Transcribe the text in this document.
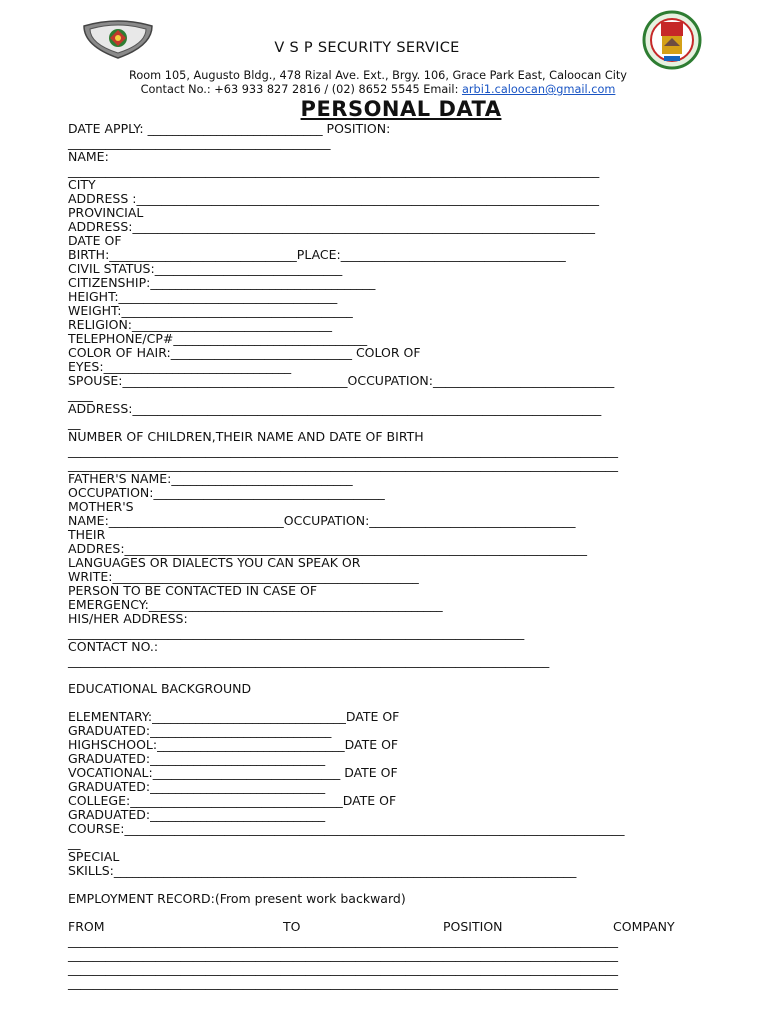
V S P SECURITY SERVICE
Room 105, Augusto Bldg., 478 Rizal Ave. Ext., Brgy. 106, Grace Park East, Caloocan City
Contact No.: +63 933 827 2816 / (02) 8652 5545 Email: arbi1.caloocan@gmail.com
PERSONAL DATA
DATE APPLY: ____________________________ POSITION:
__________________________________________
NAME:
_____________________________________________________________________________________
CITY
ADDRESS :__________________________________________________________________________
PROVINCIAL
ADDRESS:__________________________________________________________________________
DATE OF
BIRTH:______________________________PLACE:____________________________________
CIVIL STATUS:______________________________
CITIZENSHIP:____________________________________
HEIGHT:___________________________________
WEIGHT:_____________________________________
RELIGION:________________________________
TELEPHONE/CP#_______________________________
COLOR OF HAIR:_____________________________ COLOR OF
EYES:______________________________
SPOUSE:____________________________________OCCUPATION:_____________________________
____
ADDRESS:___________________________________________________________________________
__
NUMBER OF CHILDREN,THEIR NAME AND DATE OF BIRTH
________________________________________________________________________________________
________________________________________________________________________________________
FATHER'S NAME:_____________________________
OCCUPATION:_____________________________________
MOTHER'S
NAME:____________________________OCCUPATION:_________________________________
THEIR
ADDRES:__________________________________________________________________________
LANGUAGES OR DIALECTS YOU CAN SPEAK OR
WRITE:_________________________________________________
PERSON TO BE CONTACTED IN CASE OF
EMERGENCY:_______________________________________________
HIS/HER ADDRESS:
_________________________________________________________________________
CONTACT NO.:
_____________________________________________________________________________
EDUCATIONAL BACKGROUND
ELEMENTARY:_______________________________DATE OF
GRADUATED:_____________________________
HIGHSCHOOL:______________________________DATE OF
GRADUATED:____________________________
VOCATIONAL:______________________________ DATE OF
GRADUATED:____________________________
COLLEGE:__________________________________DATE OF
GRADUATED:____________________________
COURSE:________________________________________________________________________________
__
SPECIAL
SKILLS:__________________________________________________________________________
EMPLOYMENT RECORD:(From present work backward)
FROM	TO	POSITION	COMPANY
________________________________________________________________________________________
________________________________________________________________________________________
________________________________________________________________________________________
________________________________________________________________________________________
